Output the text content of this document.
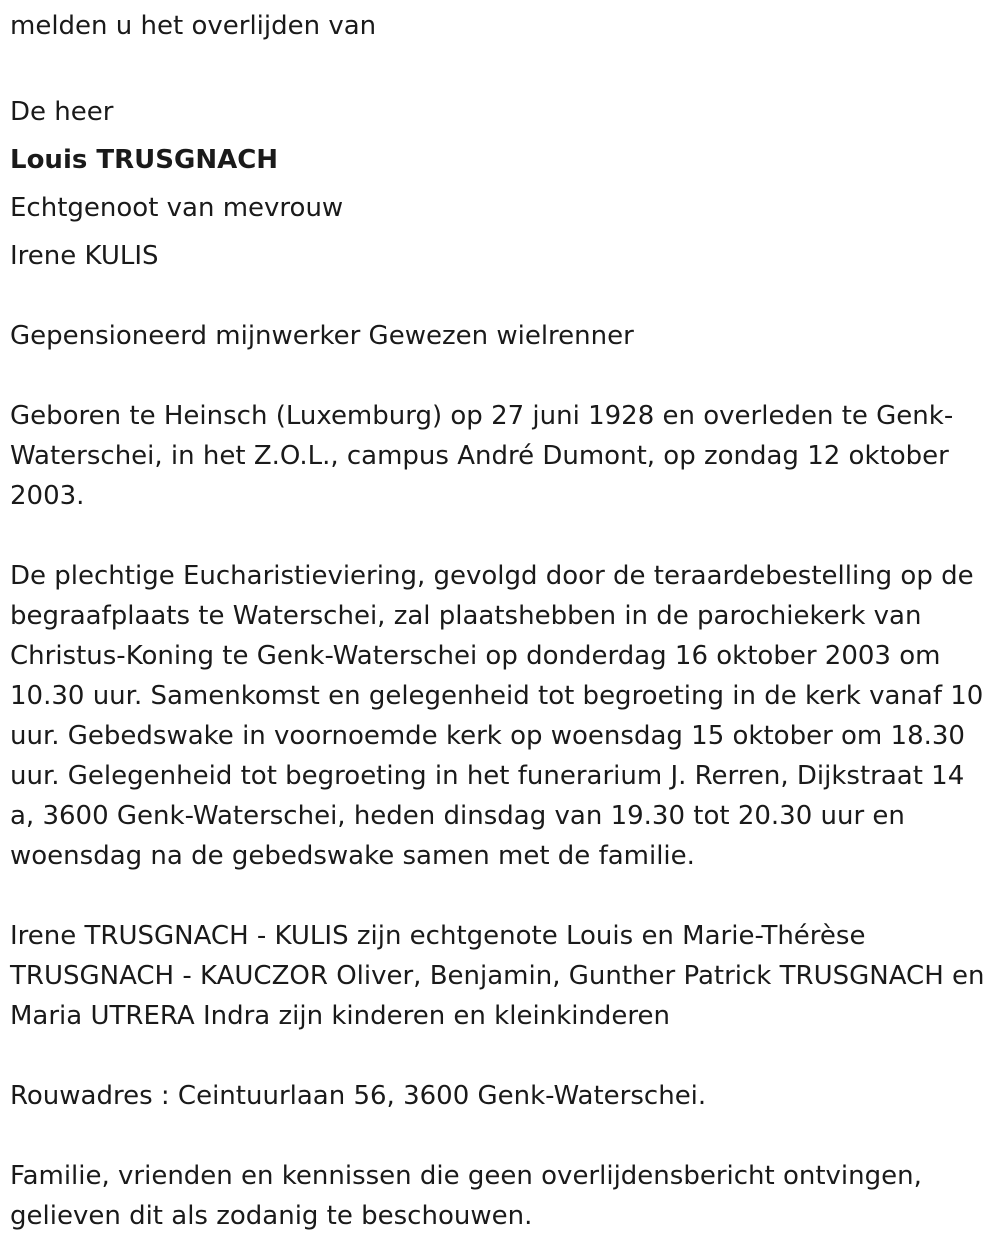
melden u het overlijden van

De heer

Louis TRUSGNACH

Echtgenoot van mevrouw

Irene KULIS

Gepensioneerd mijnwerker Gewezen wielrenner

Geboren te Heinsch (Luxemburg) op 27 juni 1928 en overleden te Genk-Waterschei, in het Z.O.L., campus André Dumont, op zondag 12 oktober 2003.

De plechtige Eucharistieviering, gevolgd door de teraardebestelling op de begraafplaats te Waterschei, zal plaatshebben in de parochiekerk van Christus-Koning te Genk-Waterschei op donderdag 16 oktober 2003 om 10.30 uur. Samenkomst en gelegenheid tot begroeting in de kerk vanaf 10 uur. Gebedswake in voornoemde kerk op woensdag 15 oktober om 18.30 uur. Gelegenheid tot begroeting in het funerarium J. Rerren, Dijkstraat 14 a, 3600 Genk-Waterschei, heden dinsdag van 19.30 tot 20.30 uur en woensdag na de gebedswake samen met de familie.

Irene TRUSGNACH - KULIS zijn echtgenote Louis en Marie-Thérèse TRUSGNACH - KAUCZOR Oliver, Benjamin, Gunther Patrick TRUSGNACH en Maria UTRERA Indra zijn kinderen en kleinkinderen

Rouwadres : Ceintuurlaan 56, 3600 Genk-Waterschei.

Familie, vrienden en kennissen die geen overlijdensbericht ontvingen, gelieven dit als zodanig te beschouwen.
